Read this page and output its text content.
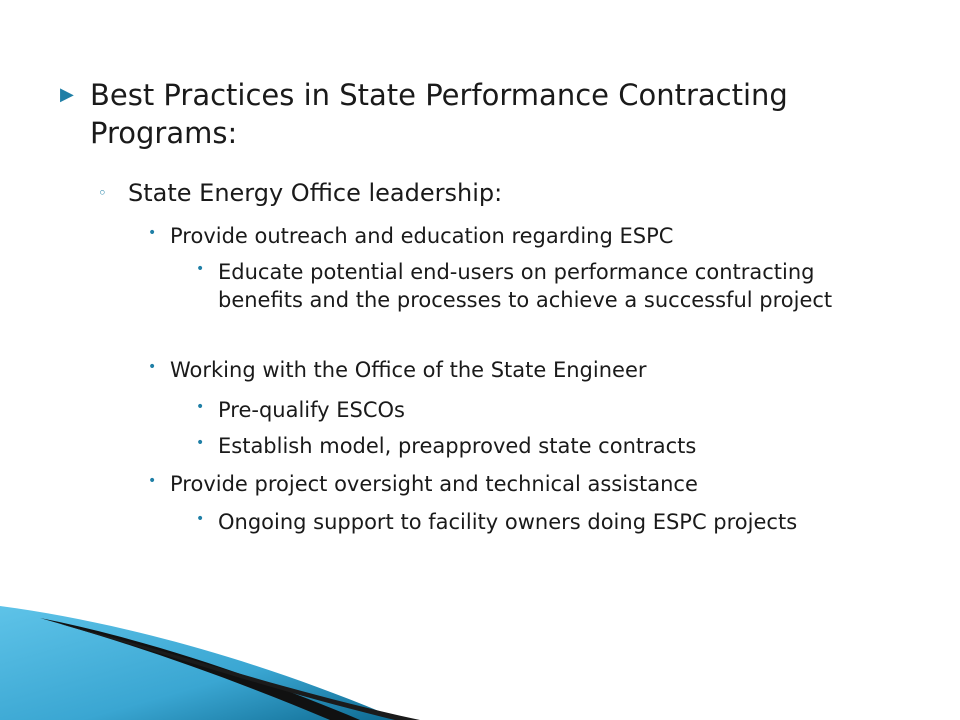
▶ Best Practices in State Performance Contracting Programs:
◦ State Energy Office leadership:
• Provide outreach and education regarding ESPC
• Educate potential end-users on performance contracting benefits and the processes to achieve a successful project
• Working with the Office of the State Engineer
• Pre-qualify ESCOs
• Establish model, preapproved state contracts
• Provide project oversight and technical assistance
• Ongoing support to facility owners doing ESPC projects
